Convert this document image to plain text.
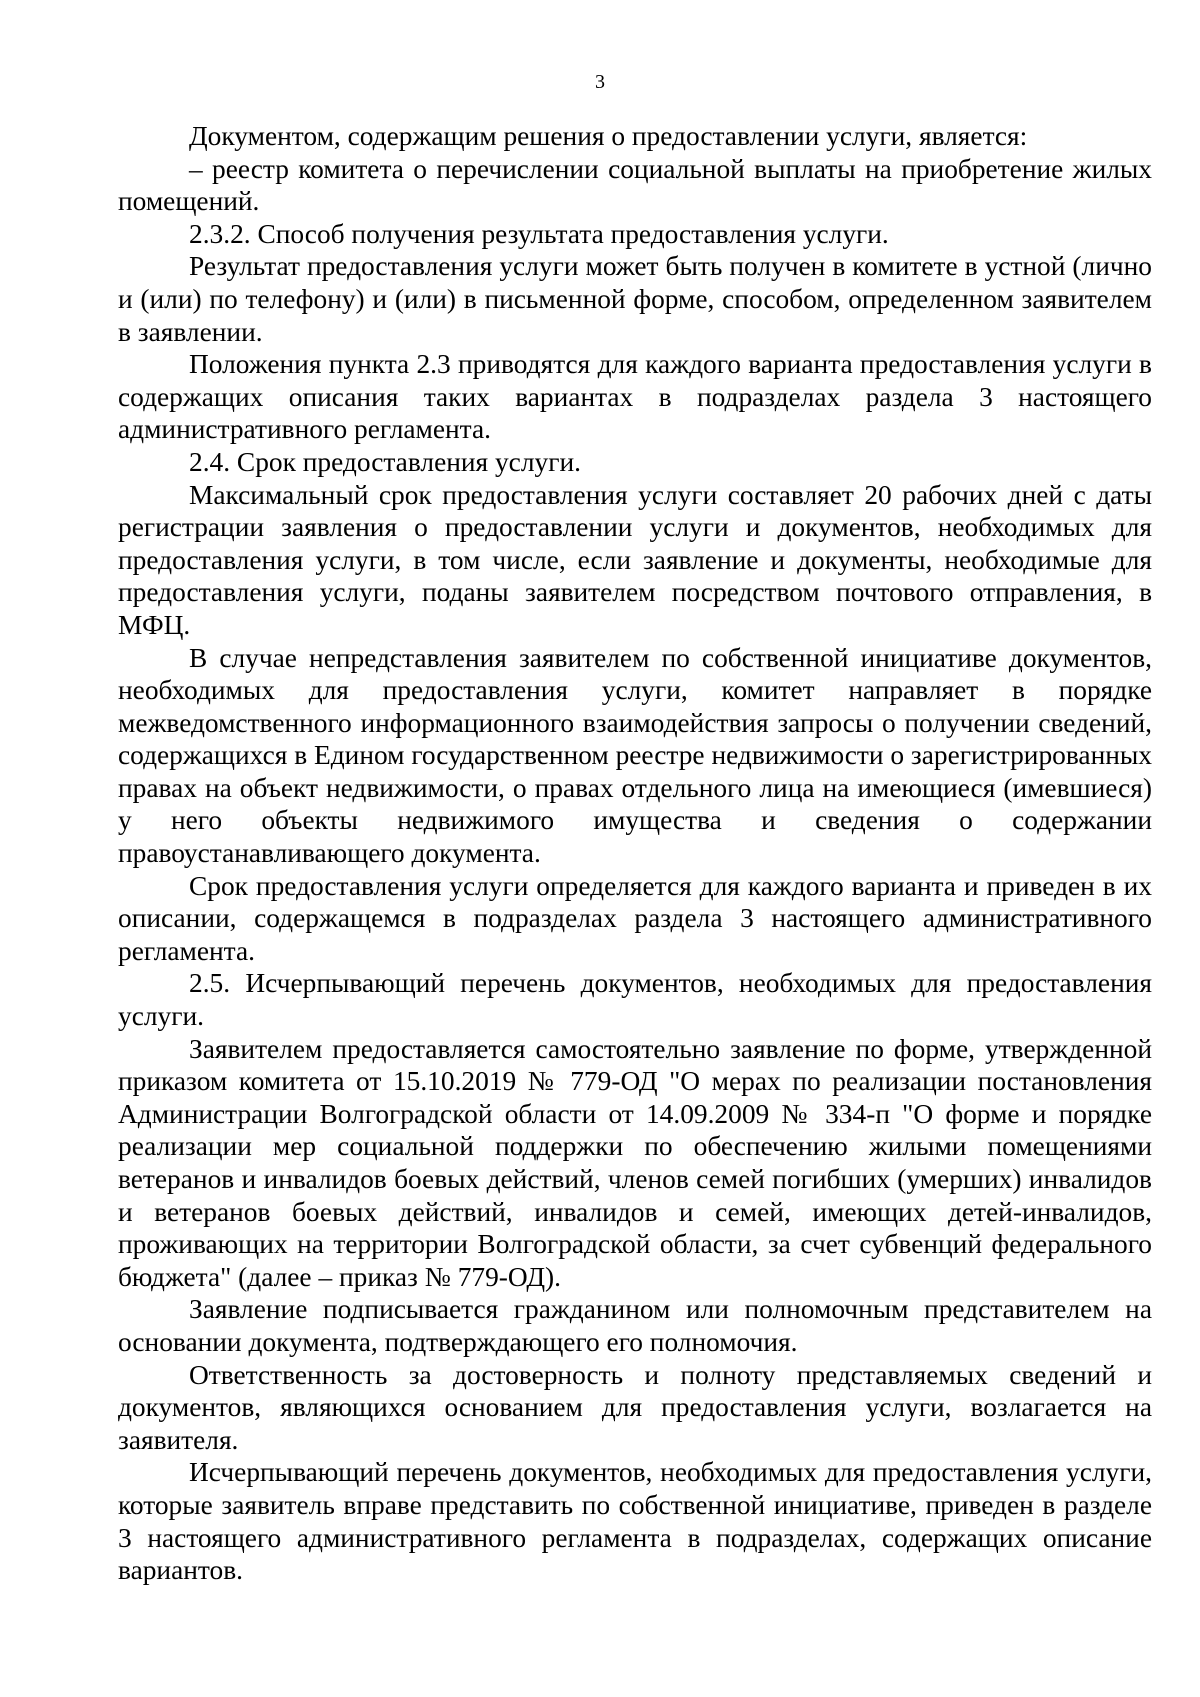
3

Документом, содержащим решения о предоставлении услуги, является:

– реестр комитета о перечислении социальной выплаты на приобретение жилых помещений.

2.3.2. Способ получения результата предоставления услуги.

Результат предоставления услуги может быть получен в комитете в устной (лично и (или) по телефону) и (или) в письменной форме, способом, определенном заявителем в заявлении.

Положения пункта 2.3 приводятся для каждого варианта предоставления услуги в содержащих описания таких вариантах в подразделах раздела 3 настоящего административного регламента.

2.4. Срок предоставления услуги.

Максимальный срок предоставления услуги составляет 20 рабочих дней с даты регистрации заявления о предоставлении услуги и документов, необходимых для предоставления услуги, в том числе, если заявление и документы, необходимые для предоставления услуги, поданы заявителем посредством почтового отправления, в МФЦ.

В случае непредставления заявителем по собственной инициативе документов, необходимых для предоставления услуги, комитет направляет в порядке межведомственного информационного взаимодействия запросы о получении сведений, содержащихся в Едином государственном реестре недвижимости о зарегистрированных правах на объект недвижимости, о правах отдельного лица на имеющиеся (имевшиеся) у него объекты недвижимого имущества и сведения о содержании правоустанавливающего документа.

Срок предоставления услуги определяется для каждого варианта и приведен в их описании, содержащемся в подразделах раздела 3 настоящего административного регламента.

2.5. Исчерпывающий перечень документов, необходимых для предоставления услуги.

Заявителем предоставляется самостоятельно заявление по форме, утвержденной приказом комитета от 15.10.2019 № 779-ОД "О мерах по реализации постановления Администрации Волгоградской области от 14.09.2009 № 334-п "О форме и порядке реализации мер социальной поддержки по обеспечению жилыми помещениями ветеранов и инвалидов боевых действий, членов семей погибших (умерших) инвалидов и ветеранов боевых действий, инвалидов и семей, имеющих детей-инвалидов, проживающих на территории Волгоградской области, за счет субвенций федерального бюджета" (далее – приказ № 779-ОД).

Заявление подписывается гражданином или полномочным представителем на основании документа, подтверждающего его полномочия.

Ответственность за достоверность и полноту представляемых сведений и документов, являющихся основанием для предоставления услуги, возлагается на заявителя.

Исчерпывающий перечень документов, необходимых для предоставления услуги, которые заявитель вправе представить по собственной инициативе, приведен в разделе 3 настоящего административного регламента в подразделах, содержащих описание вариантов.
